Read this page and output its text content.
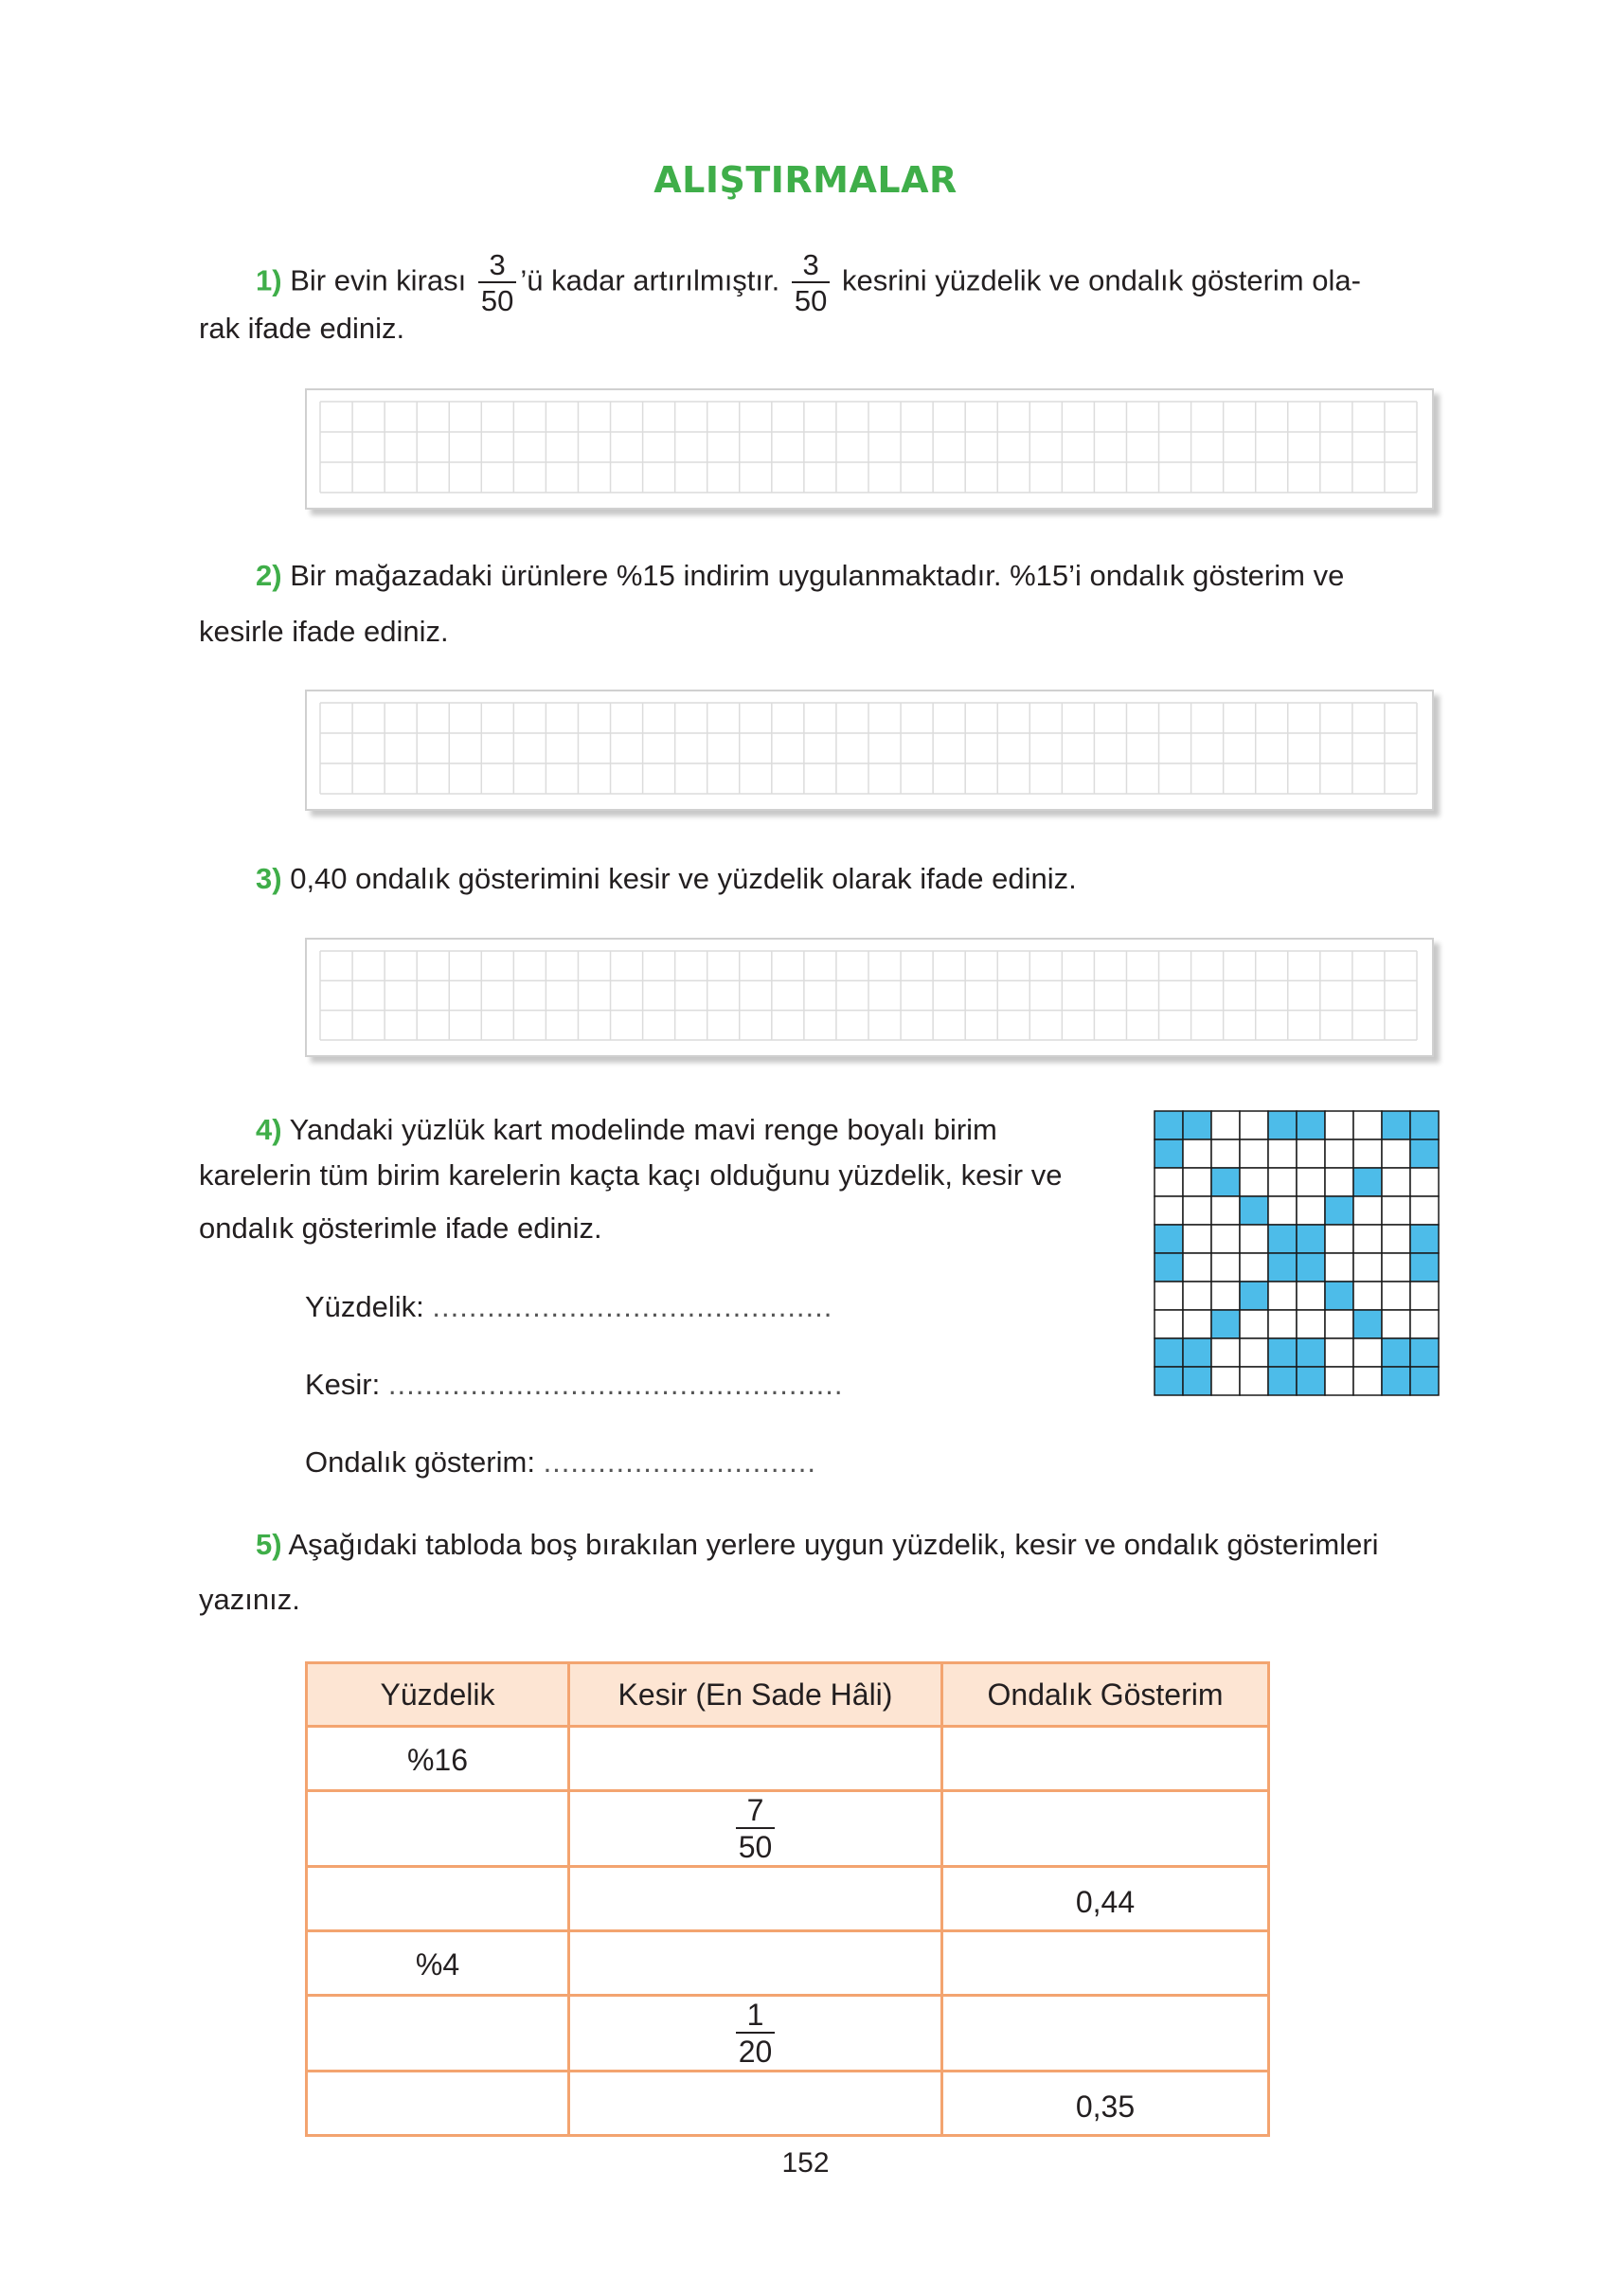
ALIŞTIRMALAR
1) Bir evin kirası $\frac{3}{50}$ ’ü kadar artırılmıştır. $\frac{3}{50}$ kesrini yüzdelik ve ondalık gösterim ola-
rak ifade ediniz.
2) Bir mağazadaki ürünlere %15 indirim uygulanmaktadır. %15’i ondalık gösterim ve
kesirle ifade ediniz.
3) 0,40 ondalık gösterimini kesir ve yüzdelik olarak ifade ediniz.
4) Yandaki yüzlük kart modelinde mavi renge boyalı birim
karelerin tüm birim karelerin kaçta kaçı olduğunu yüzdelik, kesir ve
ondalık gösterimle ifade ediniz.
Yüzdelik: ............................................
Kesir: ..................................................
Ondalık gösterim: ..............................
5) Aşağıdaki tabloda boş bırakılan yerlere uygun yüzdelik, kesir ve ondalık gösterimleri
yazınız.
Yüzdelik	Kesir (En Sade Hâli)	Ondalık Gösterim
%16		

	$\frac{7}{50}$

		0,44
%4		

	$\frac{1}{20}$

		0,35
152
